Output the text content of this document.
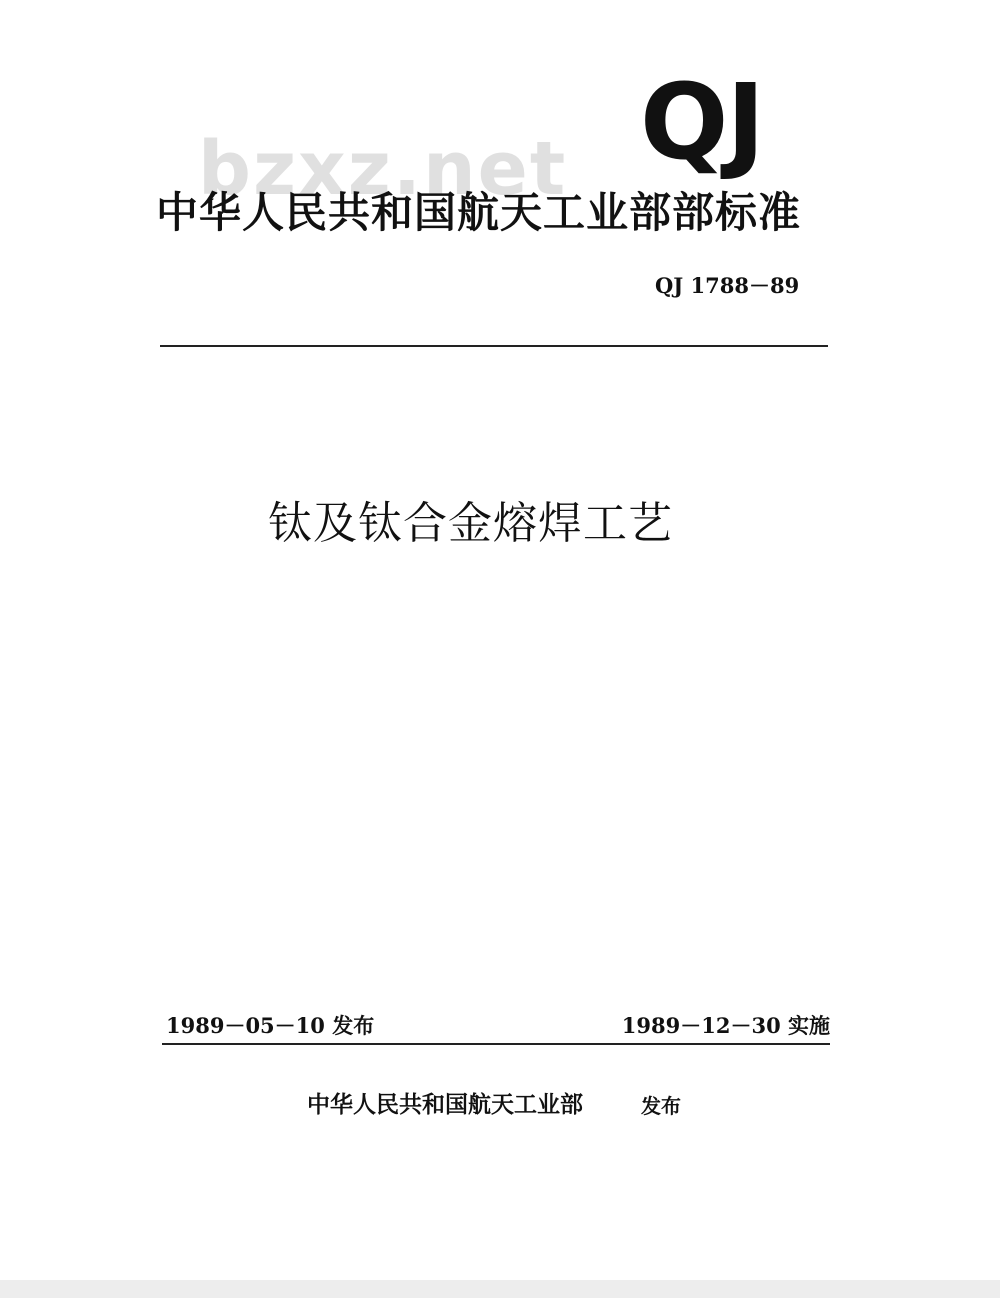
bzxz.net QJ
中华人民共和国航天工业部部标准
QJ 1788－89
钛及钛合金熔焊工艺
1989－05－10 发布	1989－12－30 实施
中华人民共和国航天工业部	发布
